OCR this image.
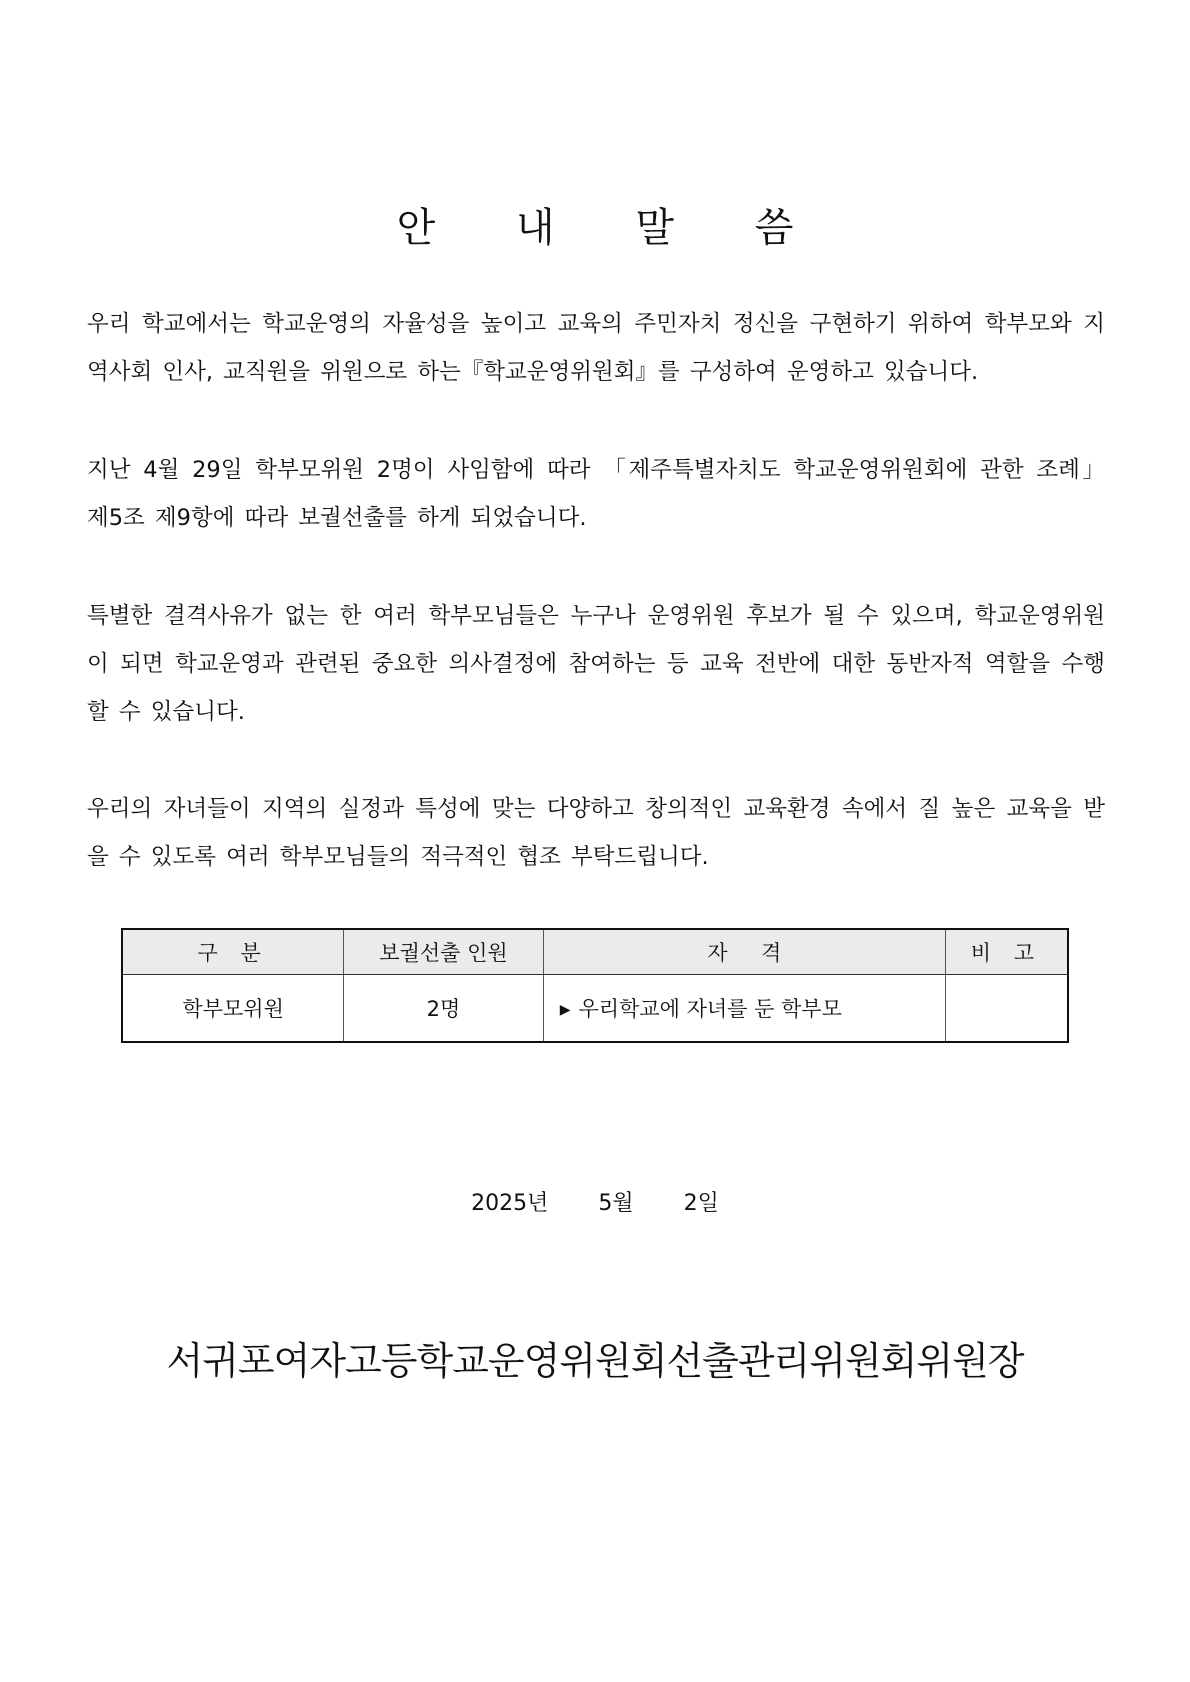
안 내 말 씀

우리 학교에서는 학교운영의 자율성을 높이고 교육의 주민자치 정신을 구현하기 위하여 학부모와 지역사회 인사, 교직원을 위원으로 하는『학교운영위원회』를 구성하여 운영하고 있습니다.

지난 4월 29일 학부모위원 2명이 사임함에 따라 「제주특별자치도 학교운영위원회에 관한 조례」 제5조 제9항에 따라 보궐선출를 하게 되었습니다.

특별한 결격사유가 없는 한 여러 학부모님들은 누구나 운영위원 후보가 될 수 있으며, 학교운영위원이 되면 학교운영과 관련된 중요한 의사결정에 참여하는 등 교육 전반에 대한 동반자적 역할을 수행할 수 있습니다.

우리의 자녀들이 지역의 실정과 특성에 맞는 다양하고 창의적인 교육환경 속에서 질 높은 교육을 받을 수 있도록 여러 학부모님들의 적극적인 협조 부탁드립니다.

구 분	보궐선출 인원	자     격	비 고
학부모위원	2명	▶ 우리학교에 자녀를 둔 학부모	

2025년  5월  2일

서귀포여자고등학교운영위원회선출관리위원회위원장
